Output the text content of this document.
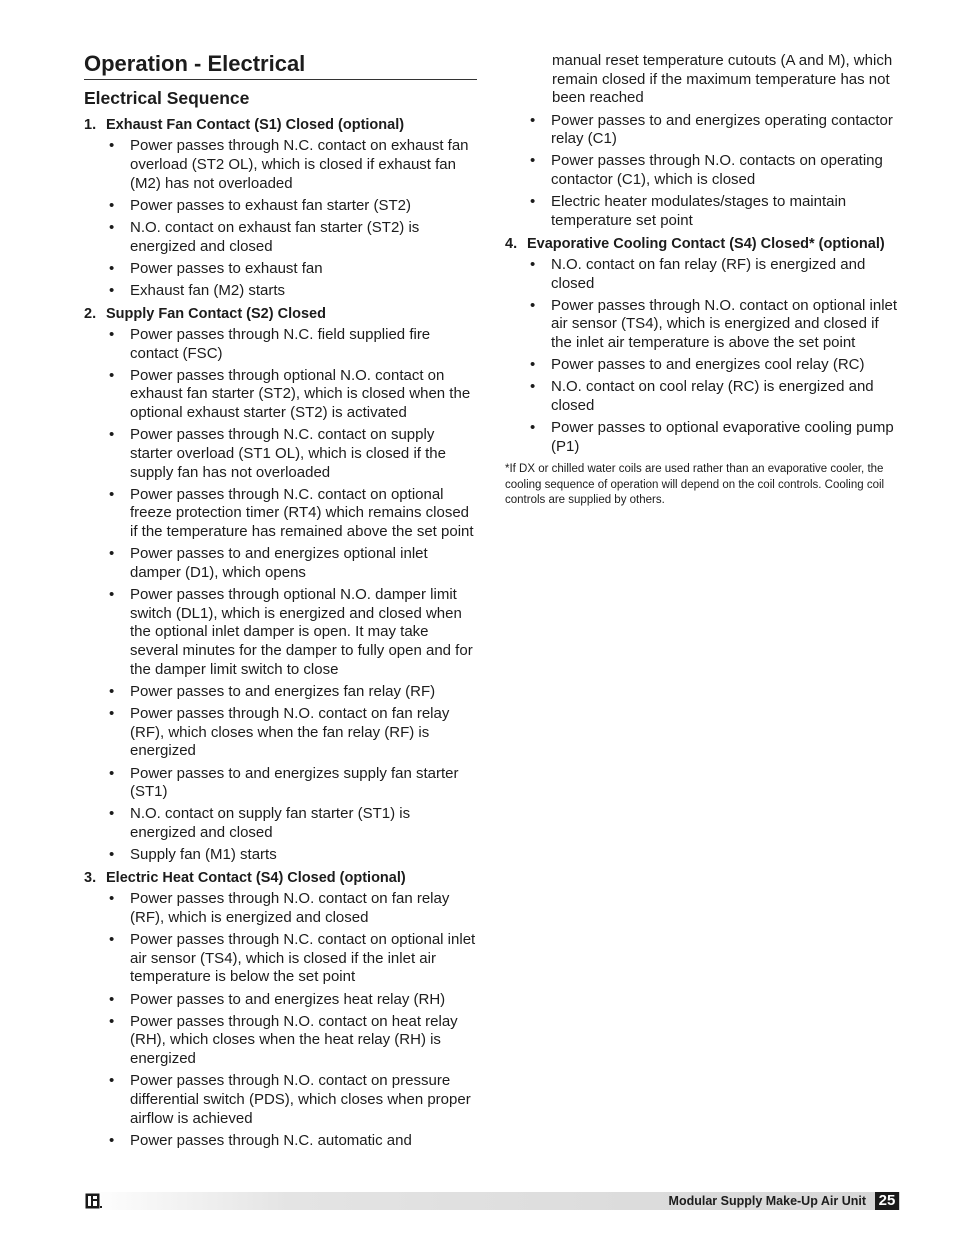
Operation - Electrical
Electrical Sequence
1. Exhaust Fan Contact (S1) Closed (optional)
•	Power passes through N.C. contact on exhaust fan overload (ST2 OL), which is closed if exhaust fan (M2) has not overloaded
•	Power passes to exhaust fan starter (ST2)
•	N.O. contact on exhaust fan starter (ST2) is energized and closed
•	Power passes to exhaust fan
•	Exhaust fan (M2) starts
2. Supply Fan Contact (S2) Closed
•	Power passes through N.C. field supplied fire contact (FSC)
•	Power passes through optional N.O. contact on exhaust fan starter (ST2), which is closed when the optional exhaust starter (ST2) is activated
•	Power passes through N.C. contact on supply starter overload (ST1 OL), which is closed if the supply fan has not overloaded
•	Power passes through N.C. contact on optional freeze protection timer (RT4) which remains closed if the temperature has remained above the set point
•	Power passes to and energizes optional inlet damper (D1), which opens
•	Power passes through optional N.O. damper limit switch (DL1), which is energized and closed when the optional inlet damper is open. It may take several minutes for the damper to fully open and for the damper limit switch to close
•	Power passes to and energizes fan relay (RF)
•	Power passes through N.O. contact on fan relay (RF), which closes when the fan relay (RF) is energized
•	Power passes to and energizes supply fan starter (ST1)
•	N.O. contact on supply fan starter (ST1) is energized and closed
•	Supply fan (M1) starts
3. Electric Heat Contact (S4) Closed (optional)
•	Power passes through N.O. contact on fan relay (RF), which is energized and closed
•	Power passes through N.C. contact on optional inlet air sensor (TS4), which is closed if the inlet air temperature is below the set point
•	Power passes to and energizes heat relay (RH)
•	Power passes through N.O. contact on heat relay (RH), which closes when the heat relay (RH) is energized
•	Power passes through N.O. contact on pressure differential switch (PDS), which closes when proper airflow is achieved
•	Power passes through N.C. automatic and
manual reset temperature cutouts (A and M), which remain closed if the maximum temperature has not been reached
•	Power passes to and energizes operating contactor relay (C1)
•	Power passes through N.O. contacts on operating contactor (C1), which is closed
•	Electric heater modulates/stages to maintain temperature set point
4. Evaporative Cooling Contact (S4) Closed* (optional)
•	N.O. contact on fan relay (RF) is energized and closed
•	Power passes through N.O. contact on optional inlet air sensor (TS4), which is energized and closed if the inlet air temperature is above the set point
•	Power passes to and energizes cool relay (RC)
•	N.O. contact on cool relay (RC) is energized and closed
•	Power passes to optional evaporative cooling pump (P1)
*If DX or chilled water coils are used rather than an evaporative cooler, the cooling sequence of operation will depend on the coil controls. Cooling coil controls are supplied by others.
Modular Supply Make-Up Air Unit 25
